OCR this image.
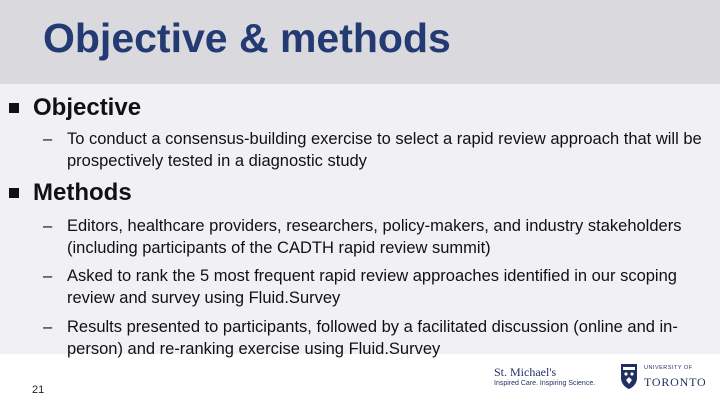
Objective & methods
Objective
– To conduct a consensus-building exercise to select a rapid review approach that will be prospectively tested in a diagnostic study
Methods
– Editors, healthcare providers, researchers, policy-makers, and industry stakeholders (including participants of the CADTH rapid review summit)
– Asked to rank the 5 most frequent rapid review approaches identified in our scoping review and survey using Fluid.Survey
– Results presented to participants, followed by a facilitated discussion (online and in-person) and re-ranking exercise using Fluid.Survey
21
St. Michael's
Inspired Care. Inspiring Science.
UNIVERSITY OF
TORONTO
